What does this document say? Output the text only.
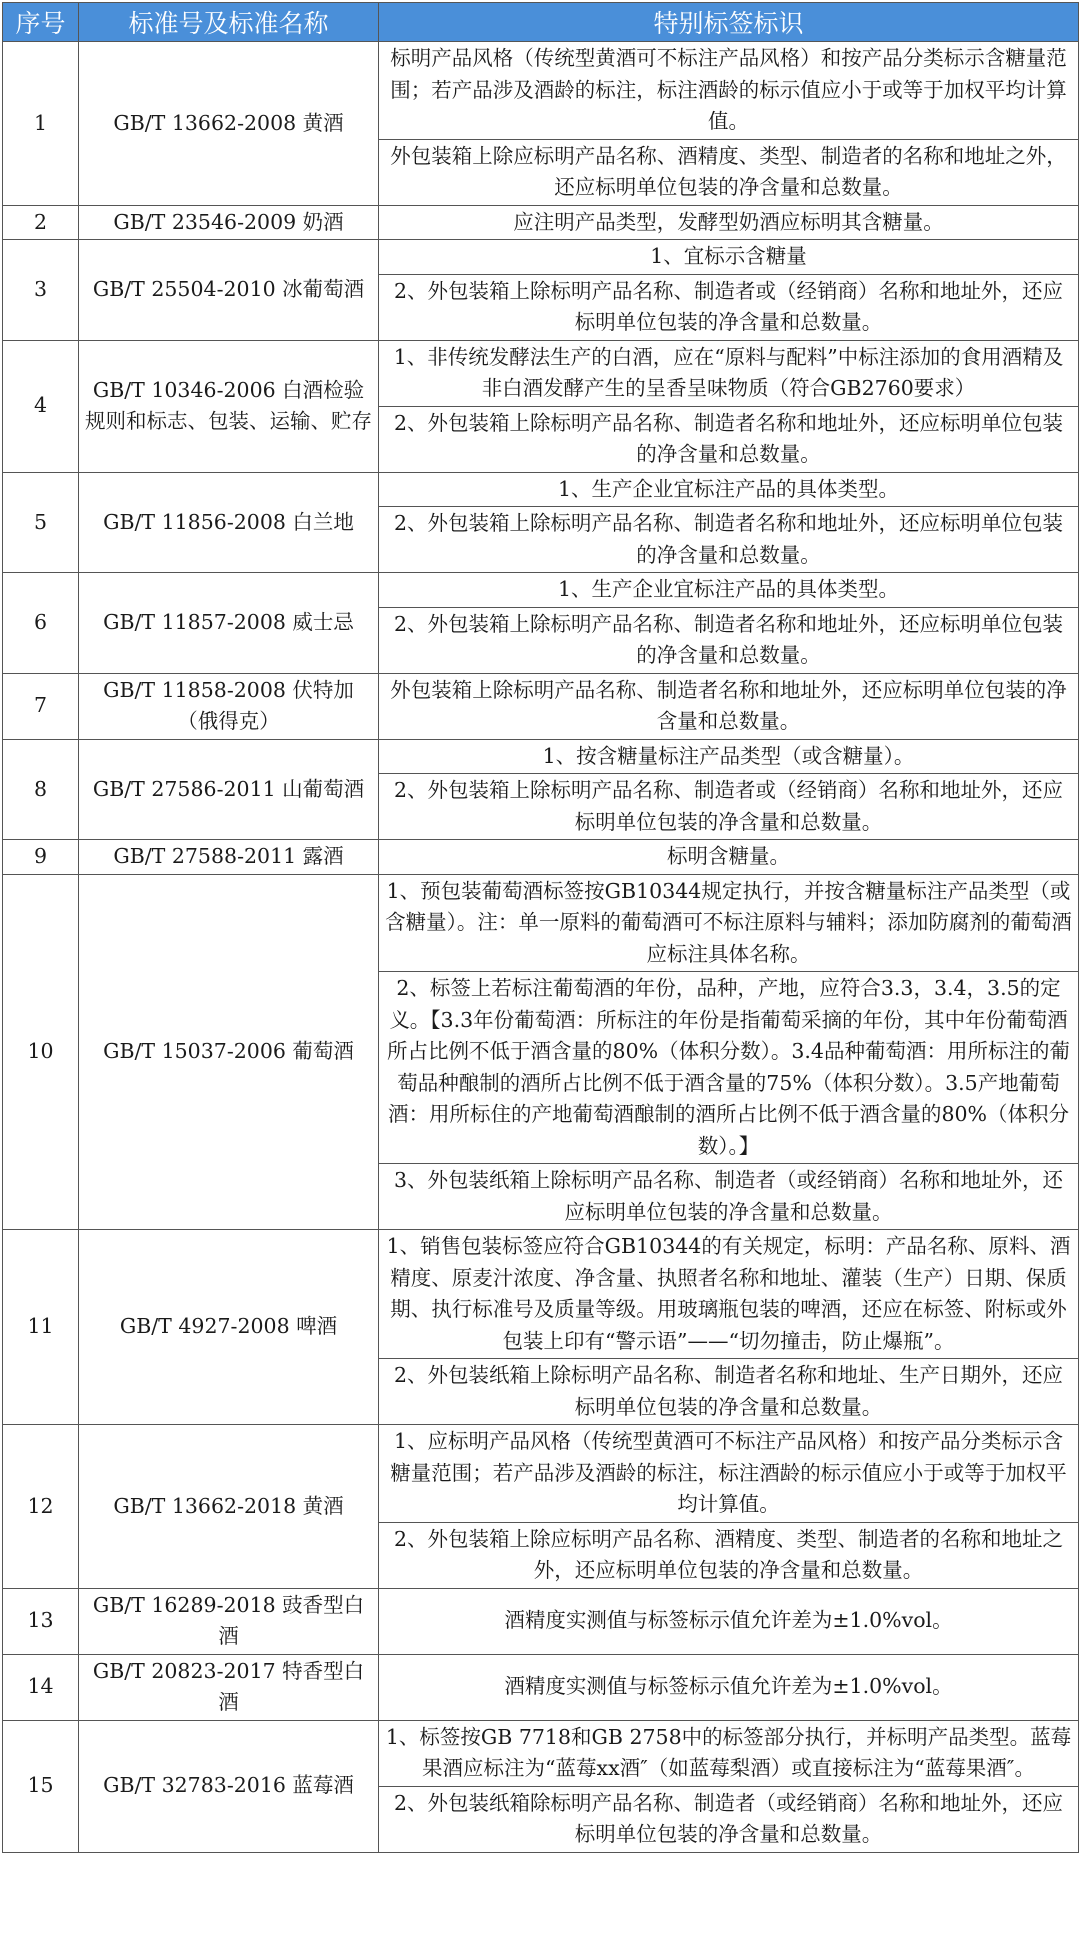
序号	标准号及标准名称	特别标签标识
1	GB/T 13662-2008 黄酒	标明产品风格（传统型黄酒可不标注产品风格）和按产品分类标示含糖量范围；若产品涉及酒龄的标注，标注酒龄的标示值应小于或等于加权平均计算值。
		外包装箱上除应标明产品名称、酒精度、类型、制造者的名称和地址之外，还应标明单位包装的净含量和总数量。
2	GB/T 23546-2009 奶酒	应注明产品类型，发酵型奶酒应标明其含糖量。
3	GB/T 25504-2010 冰葡萄酒	1、宜标示含糖量
		2、外包装箱上除标明产品名称、制造者或（经销商）名称和地址外，还应标明单位包装的净含量和总数量。
4	GB/T 10346-2006 白酒检验规则和标志、包装、运输、贮存	1、非传统发酵法生产的白酒，应在“原料与配料”中标注添加的食用酒精及非白酒发酵产生的呈香呈味物质（符合GB2760要求）
		2、外包装箱上除标明产品名称、制造者名称和地址外，还应标明单位包装的净含量和总数量。
5	GB/T 11856-2008 白兰地	1、生产企业宜标注产品的具体类型。
		2、外包装箱上除标明产品名称、制造者名称和地址外，还应标明单位包装的净含量和总数量。
6	GB/T 11857-2008 威士忌	1、生产企业宜标注产品的具体类型。
		2、外包装箱上除标明产品名称、制造者名称和地址外，还应标明单位包装的净含量和总数量。
7	GB/T 11858-2008 伏特加（俄得克）	外包装箱上除标明产品名称、制造者名称和地址外，还应标明单位包装的净含量和总数量。
8	GB/T 27586-2011 山葡萄酒	1、按含糖量标注产品类型（或含糖量）。
		2、外包装箱上除标明产品名称、制造者或（经销商）名称和地址外，还应标明单位包装的净含量和总数量。
9	GB/T 27588-2011 露酒	标明含糖量。
10	GB/T 15037-2006 葡萄酒	1、预包装葡萄酒标签按GB10344规定执行，并按含糖量标注产品类型（或含糖量）。注：单一原料的葡萄酒可不标注原料与辅料；添加防腐剂的葡萄酒应标注具体名称。
		2、标签上若标注葡萄酒的年份，品种，产地，应符合3.3，3.4，3.5的定义。【3.3年份葡萄酒：所标注的年份是指葡萄采摘的年份，其中年份葡萄酒所占比例不低于酒含量的80%（体积分数）。3.4品种葡萄酒：用所标注的葡萄品种酿制的酒所占比例不低于酒含量的75%（体积分数）。3.5产地葡萄酒：用所标住的产地葡萄酒酿制的酒所占比例不低于酒含量的80%（体积分数）。】
		3、外包装纸箱上除标明产品名称、制造者（或经销商）名称和地址外，还应标明单位包装的净含量和总数量。
11	GB/T 4927-2008 啤酒	1、销售包装标签应符合GB10344的有关规定，标明：产品名称、原料、酒精度、原麦汁浓度、净含量、执照者名称和地址、灌装（生产）日期、保质期、执行标准号及质量等级。用玻璃瓶包装的啤酒，还应在标签、附标或外包装上印有“警示语”——“切勿撞击，防止爆瓶”。
		2、外包装纸箱上除标明产品名称、制造者名称和地址、生产日期外，还应标明单位包装的净含量和总数量。
12	GB/T 13662-2018 黄酒	1、应标明产品风格（传统型黄酒可不标注产品风格）和按产品分类标示含糖量范围；若产品涉及酒龄的标注，标注酒龄的标示值应小于或等于加权平均计算值。
		2、外包装箱上除应标明产品名称、酒精度、类型、制造者的名称和地址之外，还应标明单位包装的净含量和总数量。
13	GB/T 16289-2018 豉香型白酒	酒精度实测值与标签标示值允许差为±1.0%vol。
14	GB/T 20823-2017 特香型白酒	酒精度实测值与标签标示值允许差为±1.0%vol。
15	GB/T 32783-2016 蓝莓酒	1、标签按GB 7718和GB 2758中的标签部分执行，并标明产品类型。蓝莓果酒应标注为“蓝莓xx酒″（如蓝莓梨酒）或直接标注为“蓝莓果酒″。
		2、外包装纸箱除标明产品名称、制造者（或经销商）名称和地址外，还应标明单位包装的净含量和总数量。
